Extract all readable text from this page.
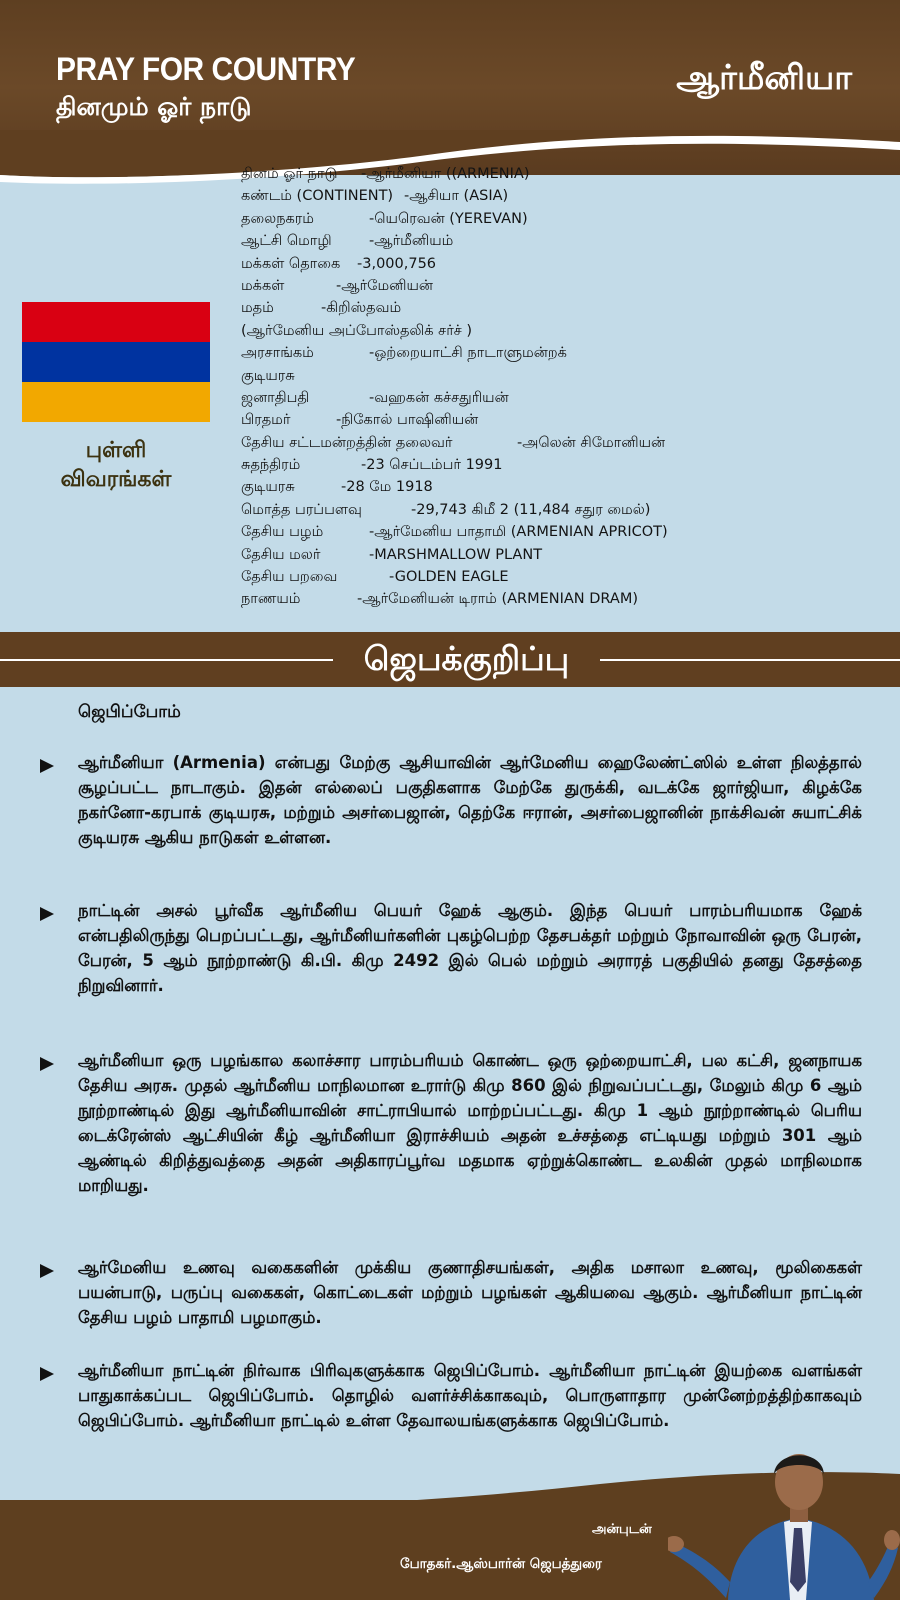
PRAY FOR COUNTRY
தினமும் ஓர் நாடு
ஆர்மீனியா
புள்ளி
விவரங்கள்
தினம் ஓர் நாடு -ஆர்மீனியா ((ARMENIA)
கண்டம் (CONTINENT) -ஆசியா (ASIA)
தலைநகரம்	-யெரெவன் (YEREVAN)
ஆட்சி மொழி	-ஆர்மீனியம்
மக்கள் தொகை -3,000,756
மக்கள்	-ஆர்மேனியன்
மதம்	-கிறிஸ்தவம்
(ஆர்மேனிய அப்போஸ்தலிக் சர்ச் )
அரசாங்கம்	-ஒற்றையாட்சி நாடாளுமன்றக்
குடியரசு
ஜனாதிபதி	-வஹகன் கச்சதுரியன்
பிரதமர்	-நிகோல் பாஷினியன்
தேசிய சட்டமன்றத்தின் தலைவர்	-அலென் சிமோனியன்
சுதந்திரம்	-23 செப்டம்பர் 1991
குடியரசு	-28 மே 1918
மொத்த பரப்பளவு	-29,743 கிமீ 2 (11,484 சதுர மைல்)
தேசிய பழம்	-ஆர்மேனிய பாதாமி (ARMENIAN APRICOT)
தேசிய மலர்	-MARSHMALLOW PLANT
தேசிய பறவை	-GOLDEN EAGLE
நாணயம்	-ஆர்மேனியன் டிராம் (ARMENIAN DRAM)
ஜெபக்குறிப்பு
ஜெபிப்போம்
ஆர்மீனியா (Armenia) என்பது மேற்கு ஆசியாவின் ஆர்மேனிய ஹைலேண்ட்ஸில் உள்ள நிலத்தால் சூழப்பட்ட நாடாகும். இதன் எல்லைப் பகுதிகளாக மேற்கே துருக்கி, வடக்கே ஜார்ஜியா, கிழக்கே நகர்னோ-கரபாக் குடியரசு, மற்றும் அசர்பைஜான், தெற்கே ஈரான், அசர்பைஜானின் நாக்சிவன் சுயாட்சிக் குடியரசு ஆகிய நாடுகள் உள்ளன.
நாட்டின் அசல் பூர்வீக ஆர்மீனிய பெயர் ஹேக் ஆகும். இந்த பெயர் பாரம்பரியமாக ஹேக் என்பதிலிருந்து பெறப்பட்டது, ஆர்மீனியர்களின் புகழ்பெற்ற தேசபக்தர் மற்றும் நோவாவின் ஒரு பேரன், பேரன், 5 ஆம் நூற்றாண்டு கி.பி. கிமு 2492 இல் பெல் மற்றும் அராரத் பகுதியில் தனது தேசத்தை நிறுவினார்.
ஆர்மீனியா ஒரு பழங்கால கலாச்சார பாரம்பரியம் கொண்ட ஒரு ஒற்றையாட்சி, பல கட்சி, ஜனநாயக தேசிய அரசு. முதல் ஆர்மீனிய மாநிலமான உரார்டு கிமு 860 இல் நிறுவப்பட்டது, மேலும் கிமு 6 ஆம் நூற்றாண்டில் இது ஆர்மீனியாவின் சாட்ராபியால் மாற்றப்பட்டது. கிமு 1 ஆம் நூற்றாண்டில் பெரிய டைக்ரேன்ஸ் ஆட்சியின் கீழ் ஆர்மீனியா இராச்சியம் அதன் உச்சத்தை எட்டியது மற்றும் 301 ஆம் ஆண்டில் கிறித்துவத்தை அதன் அதிகாரப்பூர்வ மதமாக ஏற்றுக்கொண்ட உலகின் முதல் மாநிலமாக மாறியது.
ஆர்மேனிய உணவு வகைகளின் முக்கிய குணாதிசயங்கள், அதிக மசாலா உணவு, மூலிகைகள் பயன்பாடு, பருப்பு வகைகள், கொட்டைகள் மற்றும் பழங்கள் ஆகியவை ஆகும். ஆர்மீனியா நாட்டின் தேசிய பழம் பாதாமி பழமாகும்.
ஆர்மீனியா நாட்டின் நிர்வாக பிரிவுகளுக்காக ஜெபிப்போம். ஆர்மீனியா நாட்டின் இயற்கை வளங்கள் பாதுகாக்கப்பட ஜெபிப்போம். தொழில் வளர்ச்சிக்காகவும், பொருளாதார முன்னேற்றத்திற்காகவும் ஜெபிப்போம். ஆர்மீனியா நாட்டில் உள்ள தேவாலயங்களுக்காக ஜெபிப்போம்.
அன்புடன்
போதகர்.ஆஸ்பார்ன் ஜெபத்துரை
